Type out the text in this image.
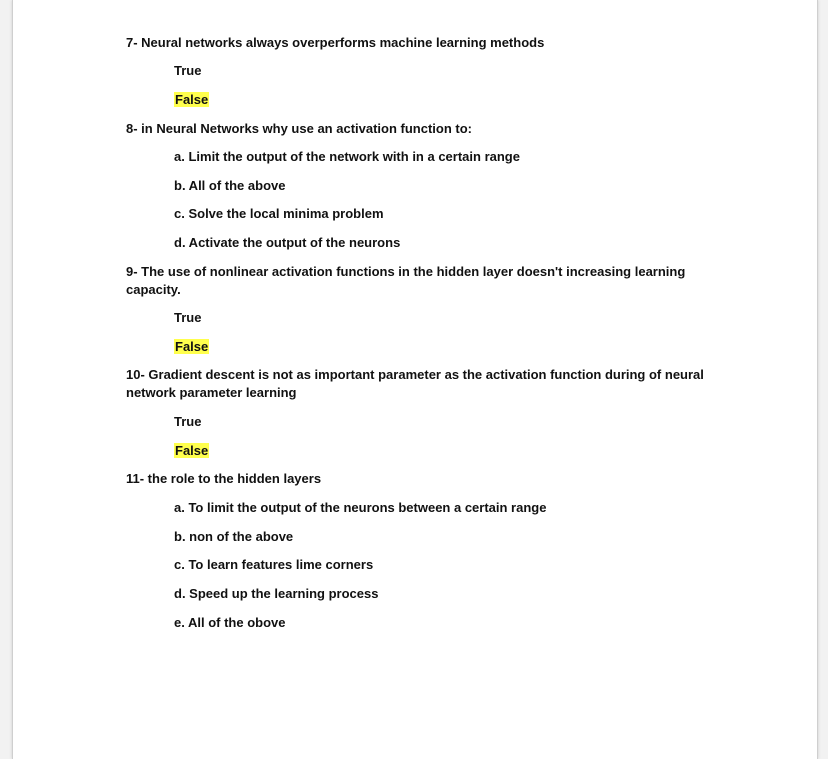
7- Neural networks always overperforms machine learning methods
True
False
8- in Neural Networks why use an activation function to:
a. Limit the output of the network with in a certain range
b. All of the above
c. Solve the local minima problem
d. Activate the output of the neurons
9- The use of nonlinear activation functions in the hidden layer doesn't increasing learning
capacity.
True
False
10- Gradient descent is not as important parameter as the activation function during of neural
network parameter learning
True
False
11- the role to the hidden layers
a. To limit the output of the neurons between a certain range
b. non of the above
c. To learn features lime corners
d. Speed up the learning process
e. All of the obove
